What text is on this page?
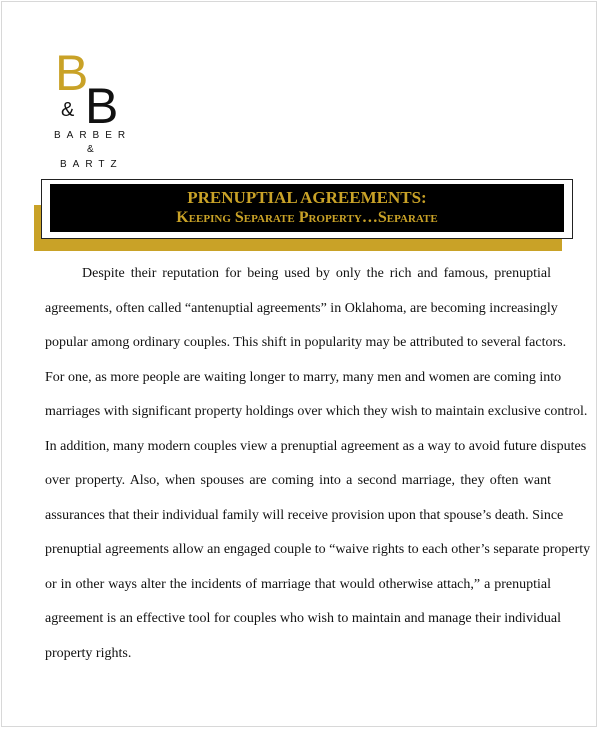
B
& B
BARBER
&
BARTZ
PRENUPTIAL AGREEMENTS:
Keeping Separate Property…Separate
Despite their reputation for being used by only the rich and famous, prenuptial
agreements, often called “antenuptial agreements” in Oklahoma, are becoming increasingly
popular among ordinary couples. This shift in popularity may be attributed to several factors.
For one, as more people are waiting longer to marry, many men and women are coming into
marriages with significant property holdings over which they wish to maintain exclusive control.
In addition, many modern couples view a prenuptial agreement as a way to avoid future disputes
over property. Also, when spouses are coming into a second marriage, they often want
assurances that their individual family will receive provision upon that spouse’s death. Since
prenuptial agreements allow an engaged couple to “waive rights to each other’s separate property
or in other ways alter the incidents of marriage that would otherwise attach,” a prenuptial
agreement is an effective tool for couples who wish to maintain and manage their individual
property rights.
